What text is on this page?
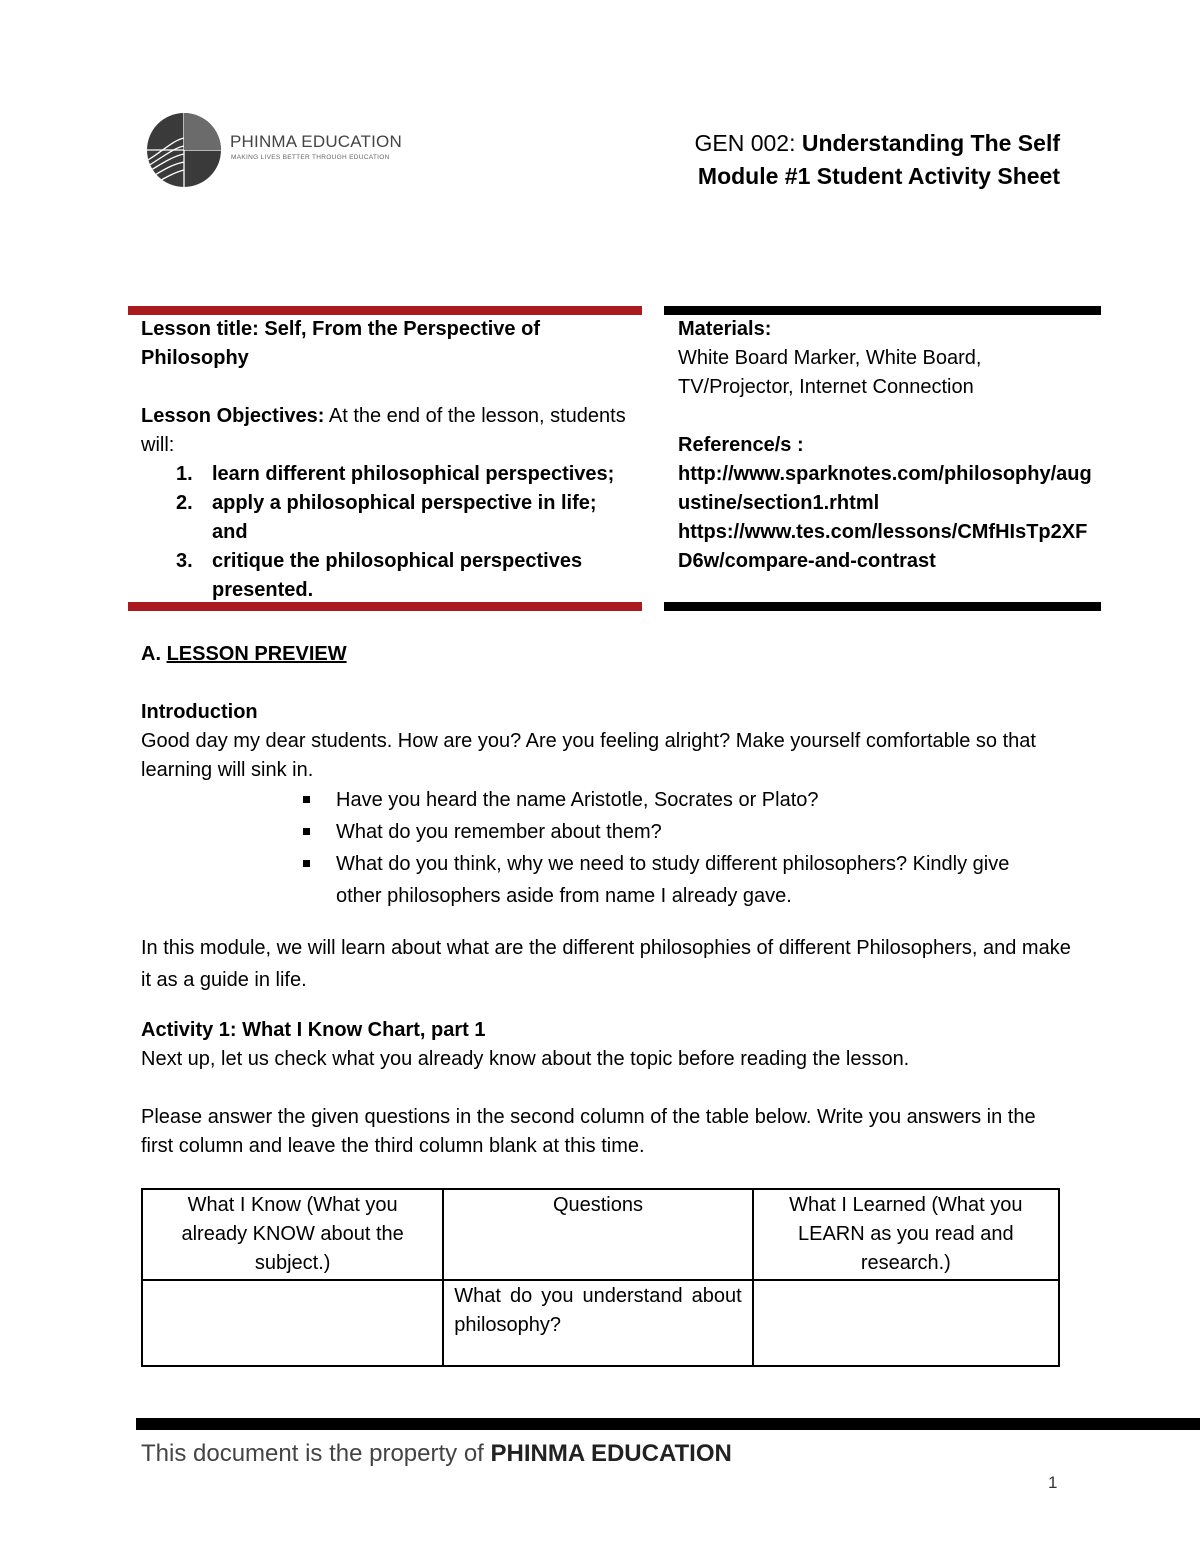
PHINMA EDUCATION
MAKING LIVES BETTER THROUGH EDUCATION
GEN 002: Understanding The Self
Module #1 Student Activity Sheet
Lesson title: Self, From the Perspective of Philosophy
Lesson Objectives: At the end of the lesson, students will:
1. learn different philosophical perspectives;
2. apply a philosophical perspective in life; and
3. critique the philosophical perspectives presented.
Materials:
White Board Marker, White Board, TV/Projector, Internet Connection
Reference/s :
http://www.sparknotes.com/philosophy/augustine/section1.rhtml
https://www.tes.com/lessons/CMfHIsTp2XFD6w/compare-and-contrast
A. LESSON PREVIEW
Introduction
Good day my dear students. How are you? Are you feeling alright? Make yourself comfortable so that learning will sink in.
Have you heard the name Aristotle, Socrates or Plato?
What do you remember about them?
What do you think, why we need to study different philosophers? Kindly give other philosophers aside from name I already gave.
In this module, we will learn about what are the different philosophies of different Philosophers, and make it as a guide in life.
Activity 1: What I Know Chart, part 1
Next up, let us check what you already know about the topic before reading the lesson.
Please answer the given questions in the second column of the table below. Write you answers in the first column and leave the third column blank at this time.
What I Know (What you already KNOW about the subject.)	Questions	What I Learned (What you LEARN as you read and research.)
	What do you understand about philosophy?	
This document is the property of PHINMA EDUCATION
1
